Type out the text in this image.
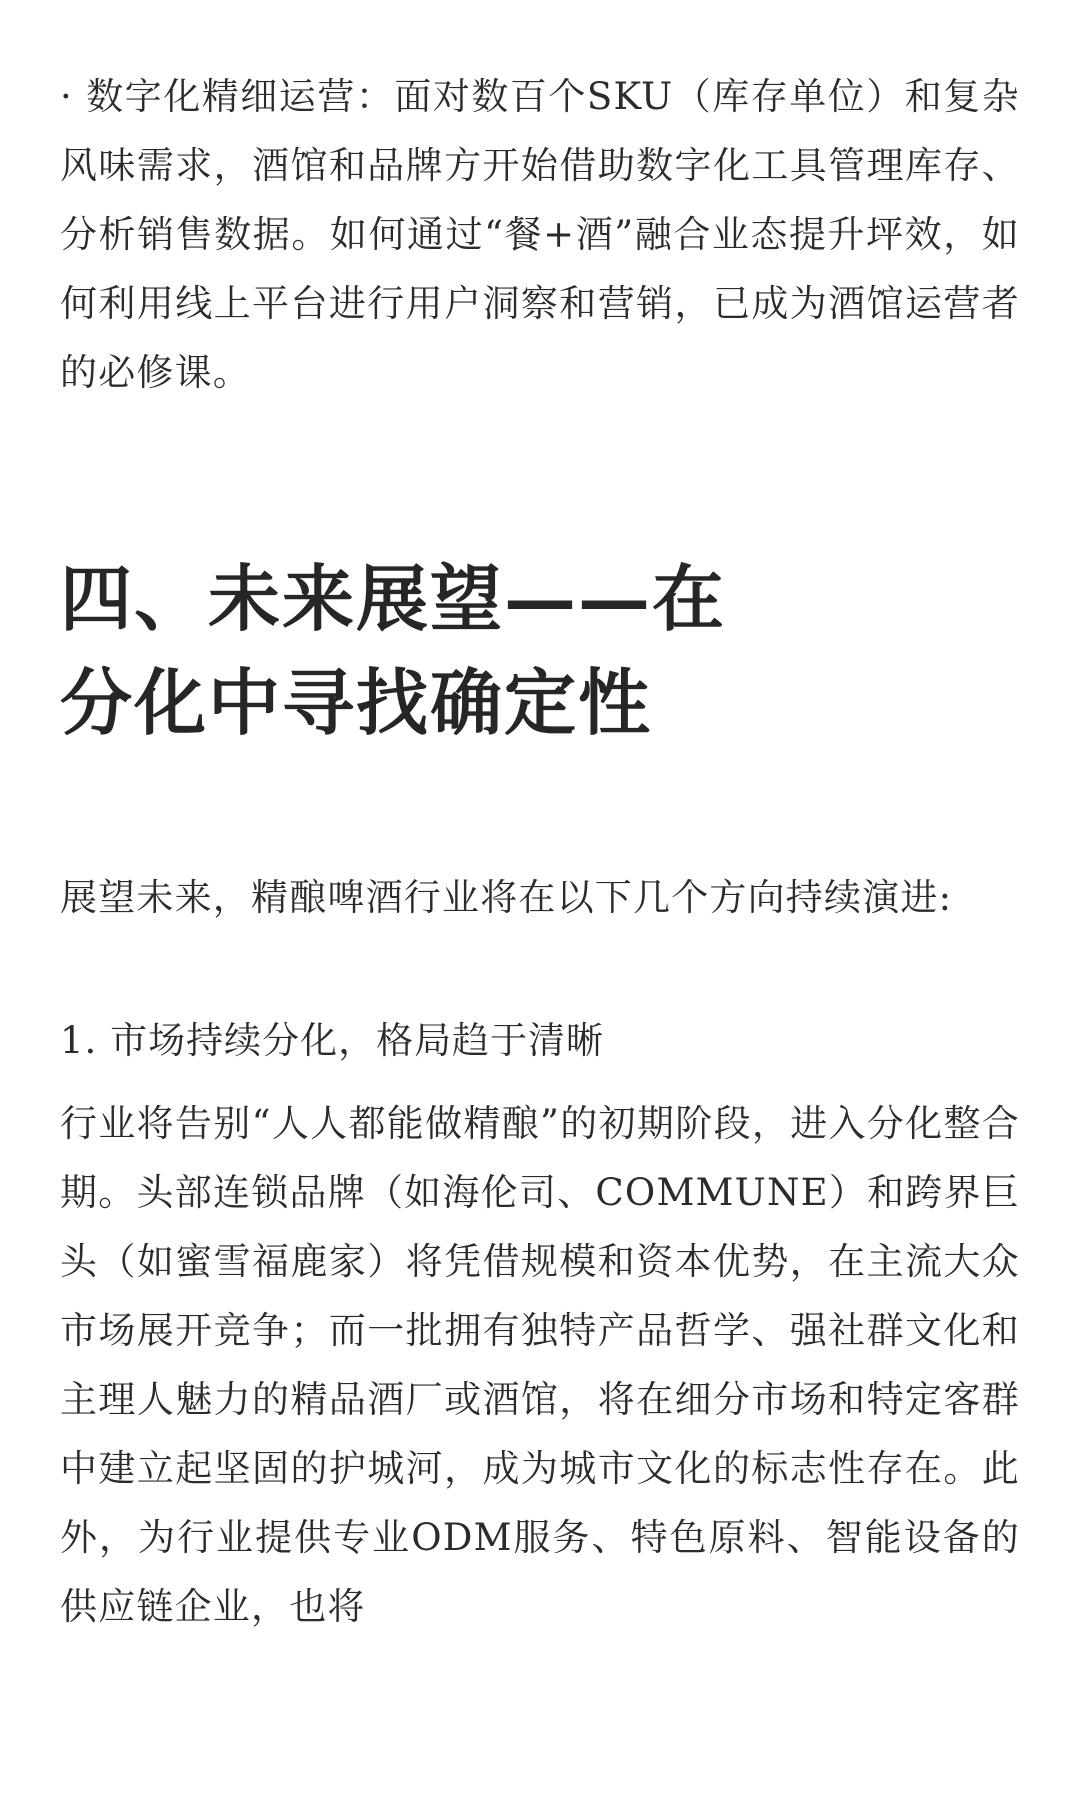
· 数字化精细运营：面对数百个SKU（库存单位）和复杂风味需求，酒馆和品牌方开始借助数字化工具管理库存、分析销售数据。如何通过“餐+酒”融合业态提升坪效，如何利用线上平台进行用户洞察和营销，已成为酒馆运营者的必修课。

四、未来展望——在分化中寻找确定性

展望未来，精酿啤酒行业将在以下几个方向持续演进:

1. 市场持续分化，格局趋于清晰

行业将告别“人人都能做精酿”的初期阶段，进入分化整合期。头部连锁品牌（如海伦司、COMMUNE）和跨界巨头（如蜜雪福鹿家）将凭借规模和资本优势，在主流大众市场展开竞争；而一批拥有独特产品哲学、强社群文化和主理人魅力的精品酒厂或酒馆，将在细分市场和特定客群中建立起坚固的护城河，成为城市文化的标志性存在。此外，为行业提供专业ODM服务、特色原料、智能设备的供应链企业，也将
